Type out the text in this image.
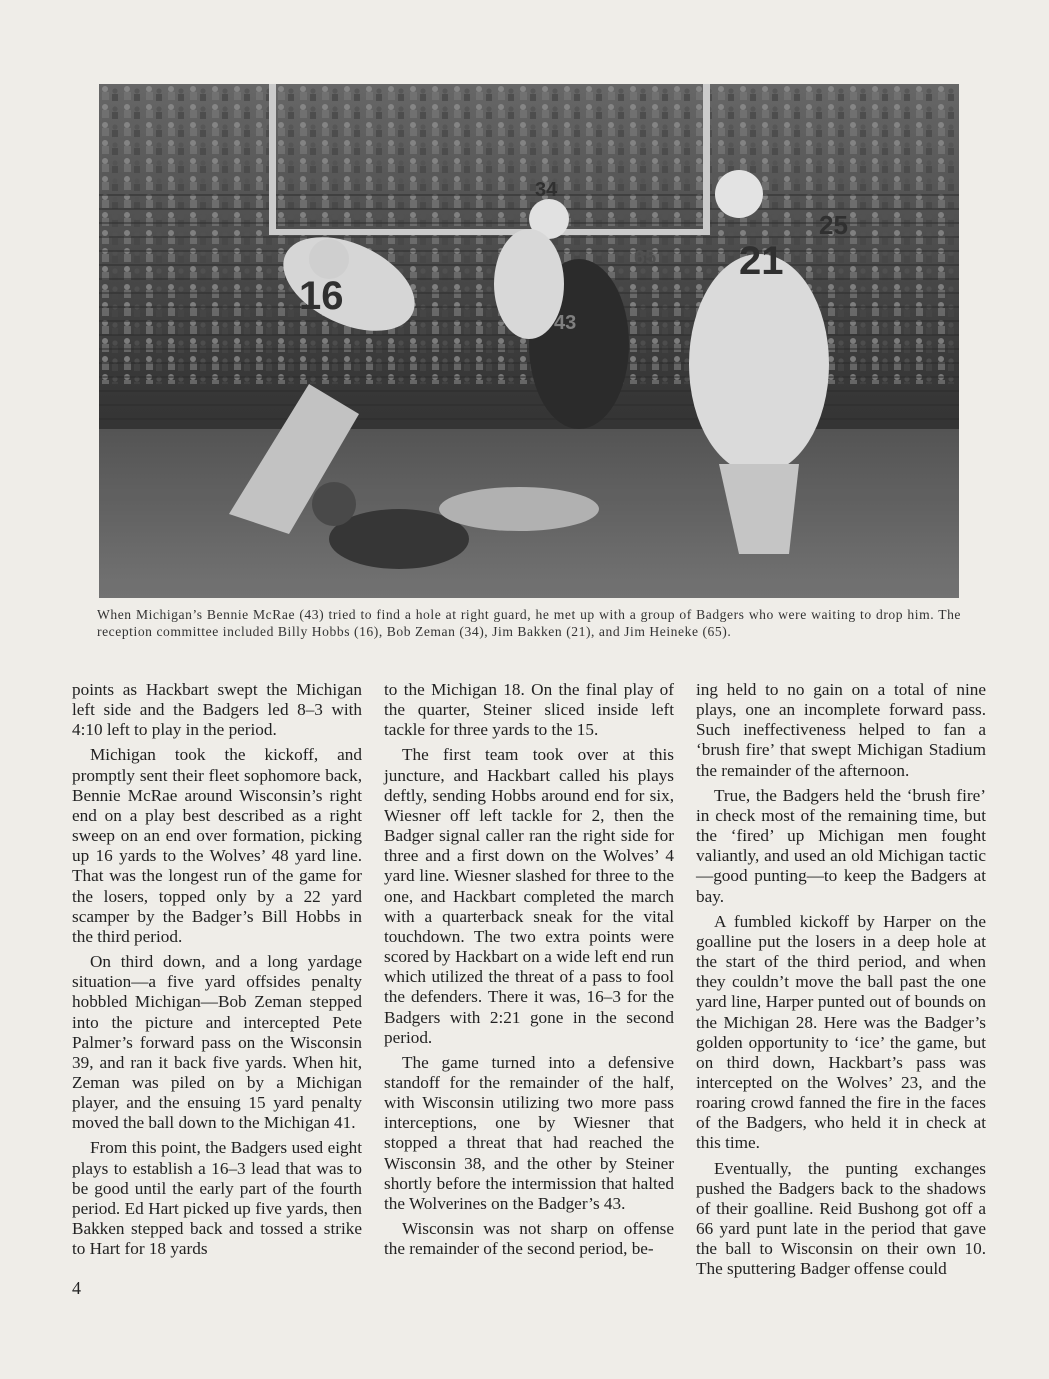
16
34
21
25
43
65
When Michigan’s Bennie McRae (43) tried to find a hole at right guard, he met up with a group of Badgers who were waiting to drop him. The reception committee included Billy Hobbs (16), Bob Zeman (34), Jim Bakken (21), and Jim Heineke (65).

points as Hackbart swept the Michigan left side and the Badgers led 8–3 with 4:10 left to play in the period.

Michigan took the kickoff, and promptly sent their fleet sophomore back, Bennie McRae around Wisconsin’s right end on a play best described as a right sweep on an end over formation, picking up 16 yards to the Wolves’ 48 yard line. That was the longest run of the game for the losers, topped only by a 22 yard scamper by the Badger’s Bill Hobbs in the third period.

On third down, and a long yardage situation—a five yard offsides penalty hobbled Michigan—Bob Zeman stepped into the picture and intercepted Pete Palmer’s forward pass on the Wisconsin 39, and ran it back five yards. When hit, Zeman was piled on by a Michigan player, and the ensuing 15 yard penalty moved the ball down to the Michigan 41.

From this point, the Badgers used eight plays to establish a 16–3 lead that was to be good until the early part of the fourth period. Ed Hart picked up five yards, then Bakken stepped back and tossed a strike to Hart for 18 yards

to the Michigan 18. On the final play of the quarter, Steiner sliced inside left tackle for three yards to the 15.

The first team took over at this juncture, and Hackbart called his plays deftly, sending Hobbs around end for six, Wiesner off left tackle for 2, then the Badger signal caller ran the right side for three and a first down on the Wolves’ 4 yard line. Wiesner slashed for three to the one, and Hackbart completed the march with a quarterback sneak for the vital touchdown. The two extra points were scored by Hackbart on a wide left end run which utilized the threat of a pass to fool the defenders. There it was, 16–3 for the Badgers with 2:21 gone in the second period.

The game turned into a defensive standoff for the remainder of the half, with Wisconsin utilizing two more pass interceptions, one by Wiesner that stopped a threat that had reached the Wisconsin 38, and the other by Steiner shortly before the intermission that halted the Wolverines on the Badger’s 43.

Wisconsin was not sharp on offense the remainder of the second period, be-

ing held to no gain on a total of nine plays, one an incomplete forward pass. Such ineffectiveness helped to fan a ‘brush fire’ that swept Michigan Stadium the remainder of the afternoon.

True, the Badgers held the ‘brush fire’ in check most of the remaining time, but the ‘fired’ up Michigan men fought valiantly, and used an old Michigan tactic—good punting—to keep the Badgers at bay.

A fumbled kickoff by Harper on the goalline put the losers in a deep hole at the start of the third period, and when they couldn’t move the ball past the one yard line, Harper punted out of bounds on the Michigan 28. Here was the Badger’s golden opportunity to ‘ice’ the game, but on third down, Hackbart’s pass was intercepted on the Wolves’ 23, and the roaring crowd fanned the fire in the faces of the Badgers, who held it in check at this time.

Eventually, the punting exchanges pushed the Badgers back to the shadows of their goalline. Reid Bushong got off a 66 yard punt late in the period that gave the ball to Wisconsin on their own 10. The sputtering Badger offense could

4
